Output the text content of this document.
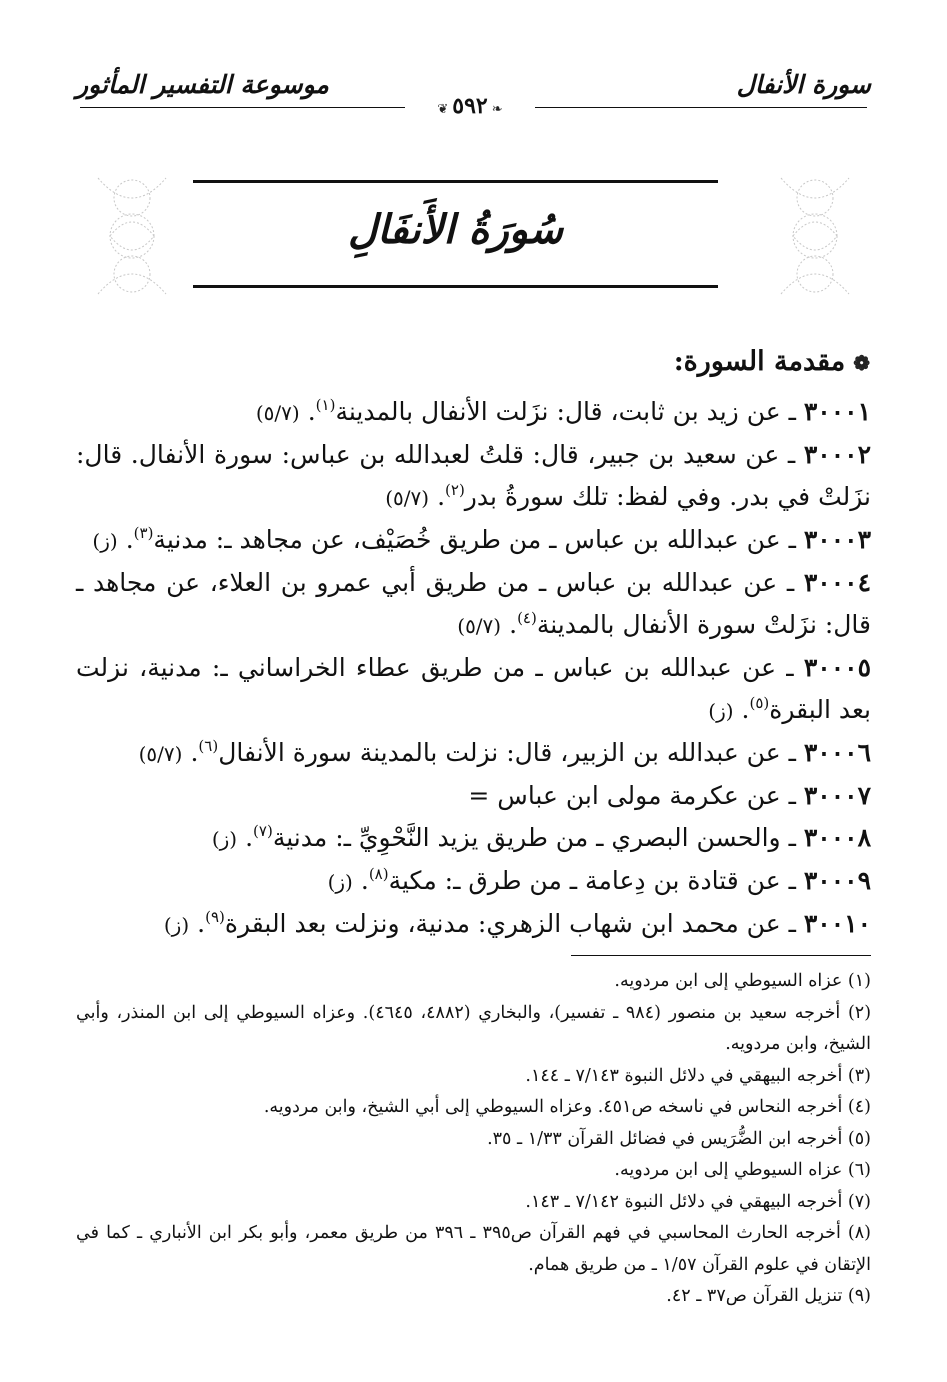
سورة الأنفال
موسوعة التفسير المأثور
❦ ٥٩٢ ❧
سُورَةُ الأَنفَالِ
❁مقدمة السورة:

٣٠٠٠١ ـ عن زيد بن ثابت، قال: نزَلت الأنفال بالمدينة$^{(١)}$.(٥/٧)

٣٠٠٠٢ ـ عن سعيد بن جبير، قال: قلتُ لعبدالله بن عباس: سورة الأنفال. قال: نزَلتْ في بدر. وفي لفظ: تلك سورةُ بدر$^{(٢)}$.(٥/٧)

٣٠٠٠٣ ـ عن عبدالله بن عباس ـ من طريق خُصَيْف، عن مجاهد ـ: مدنية$^{(٣)}$.(ز)

٣٠٠٠٤ ـ عن عبدالله بن عباس ـ من طريق أبي عمرو بن العلاء، عن مجاهد ـ قال: نزَلتْ سورة الأنفال بالمدينة$^{(٤)}$.(٥/٧)

٣٠٠٠٥ ـ عن عبدالله بن عباس ـ من طريق عطاء الخراساني ـ: مدنية، نزلت بعد البقرة$^{(٥)}$.(ز)

٣٠٠٠٦ ـ عن عبدالله بن الزبير، قال: نزلت بالمدينة سورة الأنفال$^{(٦)}$.(٥/٧)

٣٠٠٠٧ ـ عن عكرمة مولى ابن عباس =

٣٠٠٠٨ ـ والحسن البصري ـ من طريق يزيد النَّحْوِيِّ ـ: مدنية$^{(٧)}$.(ز)

٣٠٠٠٩ ـ عن قتادة بن دِعامة ـ من طرق ـ: مكية$^{(٨)}$.(ز)

٣٠٠١٠ ـ عن محمد ابن شهاب الزهري: مدنية، ونزلت بعد البقرة$^{(٩)}$.(ز)

(١) عزاه السيوطي إلى ابن مردويه.

(٢) أخرجه سعيد بن منصور (٩٨٤ ـ تفسير)، والبخاري (٤٨٨٢، ٤٦٤٥). وعزاه السيوطي إلى ابن المنذر، وأبي الشيخ، وابن مردويه.

(٣) أخرجه البيهقي في دلائل النبوة ٧/١٤٣ ـ ١٤٤.

(٤) أخرجه النحاس في ناسخه ص٤٥١. وعزاه السيوطي إلى أبي الشيخ، وابن مردويه.

(٥) أخرجه ابن الضُّرَيس في فضائل القرآن ١/٣٣ ـ ٣٥.

(٦) عزاه السيوطي إلى ابن مردويه.

(٧) أخرجه البيهقي في دلائل النبوة ٧/١٤٢ ـ ١٤٣.

(٨) أخرجه الحارث المحاسبي في فهم القرآن ص٣٩٥ ـ ٣٩٦ من طريق معمر، وأبو بكر ابن الأنباري ـ كما في الإتقان في علوم القرآن ١/٥٧ ـ من طريق همام.

(٩) تنزيل القرآن ص٣٧ ـ ٤٢.
